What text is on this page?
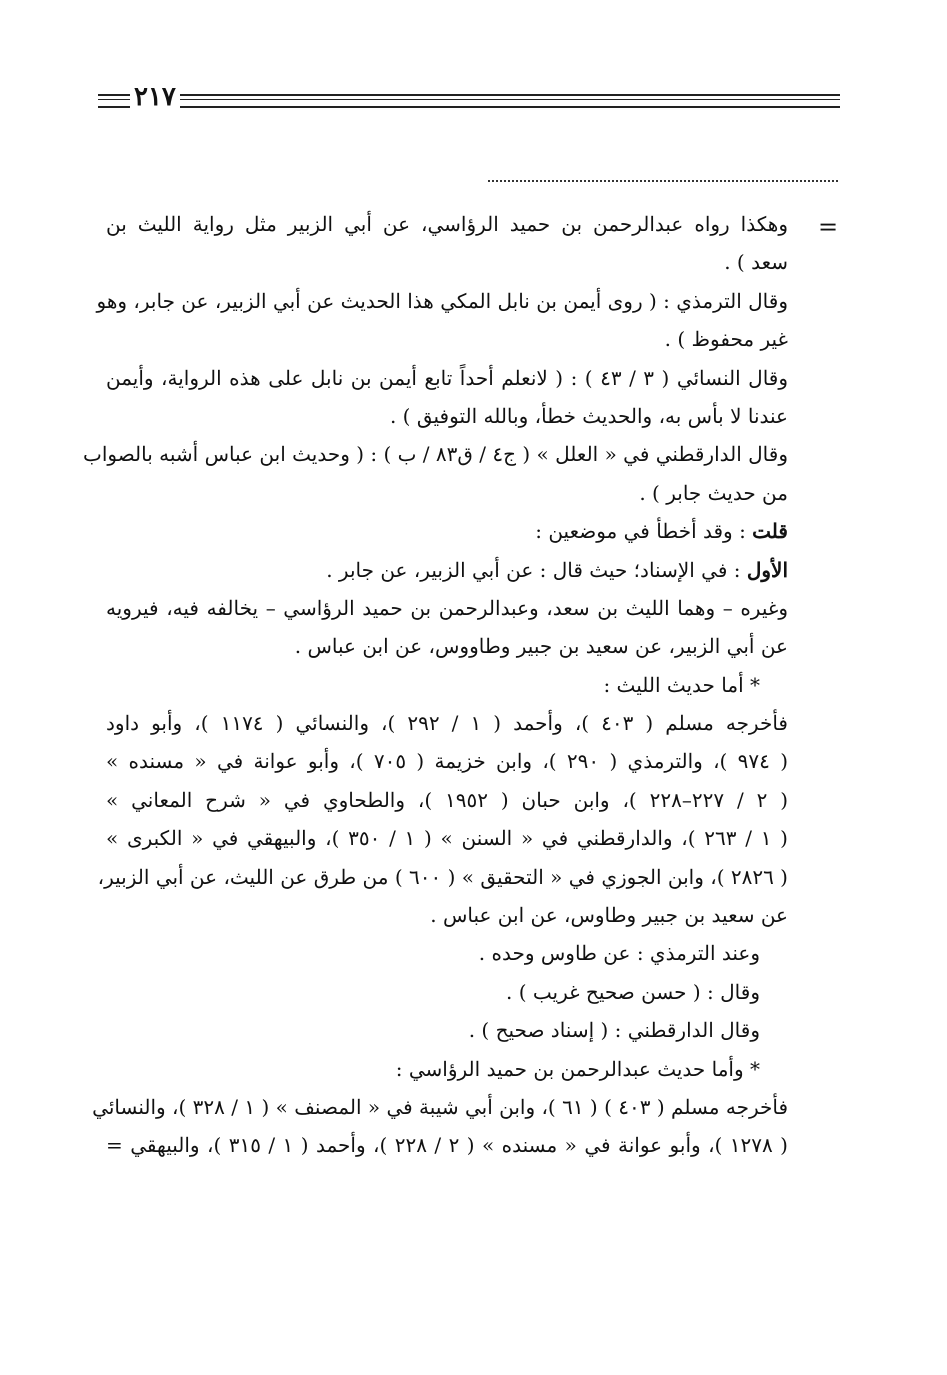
٢١٧
=
وهكذا رواه عبدالرحمن بن حميد الرؤاسي، عن أبي الزبير مثل رواية الليث بن
سعد ) .
وقال الترمذي : ( روى أيمن بن نابل المكي هذا الحديث عن أبي الزبير، عن جابر، وهو
غير محفوظ ) .
وقال النسائي ( ٣ / ٤٣ ) : ( لانعلم أحداً تابع أيمن بن نابل على هذه الرواية، وأيمن
عندنا لا بأس به، والحديث خطأ، وبالله التوفيق ) .
وقال الدارقطني في « العلل » ( ج٤ / ق٨٣ / ب ) : ( وحديث ابن عباس أشبه بالصواب
من حديث جابر ) .
قلت : وقد أخطأ في موضعين :
الأول : في الإسناد؛ حيث قال : عن أبي الزبير، عن جابر .
وغيره – وهما الليث بن سعد، وعبدالرحمن بن حميد الرؤاسي – يخالفه فيه، فيرويه
عن أبي الزبير، عن سعيد بن جبير وطاووس، عن ابن عباس .
* أما حديث الليث :
فأخرجه مسلم ( ٤٠٣ )، وأحمد ( ١ / ٢٩٢ )، والنسائي ( ١١٧٤ )، وأبو داود
( ٩٧٤ )، والترمذي ( ٢٩٠ )، وابن خزيمة ( ٧٠٥ )، وأبو عوانة في « مسنده »
( ٢ / ٢٢٧–٢٢٨ )، وابن حبان ( ١٩٥٢ )، والطحاوي في « شرح المعاني »
( ١ / ٢٦٣ )، والدارقطني في « السنن » ( ١ / ٣٥٠ )، والبيهقي في « الكبرى »
( ٢٨٢٦ )، وابن الجوزي في « التحقيق » ( ٦٠٠ ) من طرق عن الليث، عن أبي الزبير،
عن سعيد بن جبير وطاوس، عن ابن عباس .
وعند الترمذي : عن طاوس وحده .
وقال : ( حسن صحيح غريب ) .
وقال الدارقطني : ( إسناد صحيح ) .
* وأما حديث عبدالرحمن بن حميد الرؤاسي :
فأخرجه مسلم ( ٤٠٣ ) ( ٦١ )، وابن أبي شيبة في « المصنف » ( ١ / ٣٢٨ )، والنسائي
( ١٢٧٨ )، وأبو عوانة في « مسنده » ( ٢ / ٢٢٨ )، وأحمد ( ١ / ٣١٥ )، والبيهقي =
